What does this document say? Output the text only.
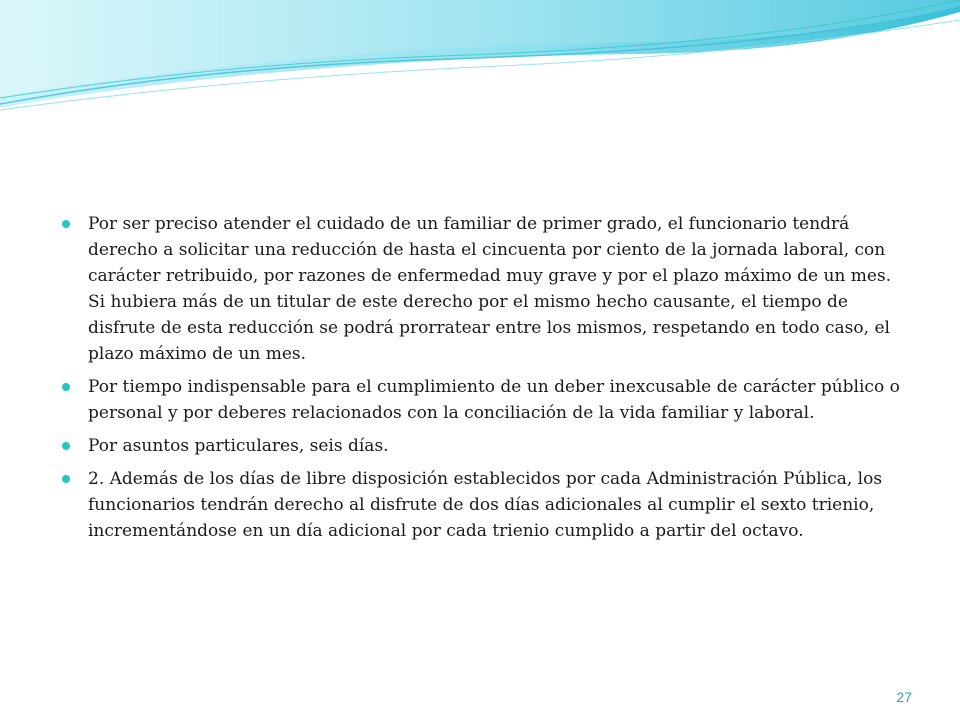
Por ser preciso atender el cuidado de un familiar de primer grado, el funcionario tendrá derecho a solicitar una reducción de hasta el cincuenta por ciento de la jornada laboral, con carácter retribuido, por razones de enfermedad muy grave y por el plazo máximo de un mes. Si hubiera más de un titular de este derecho por el mismo hecho causante, el tiempo de disfrute de esta reducción se podrá prorratear entre los mismos, respetando en todo caso, el plazo máximo de un mes.
Por tiempo indispensable para el cumplimiento de un deber inexcusable de carácter público o personal y por deberes relacionados con la conciliación de la vida familiar y laboral.
Por asuntos particulares, seis días.
2. Además de los días de libre disposición establecidos por cada Administración Pública, los funcionarios tendrán derecho al disfrute de dos días adicionales al cumplir el sexto trienio, incrementándose en un día adicional por cada trienio cumplido a partir del octavo.
27
